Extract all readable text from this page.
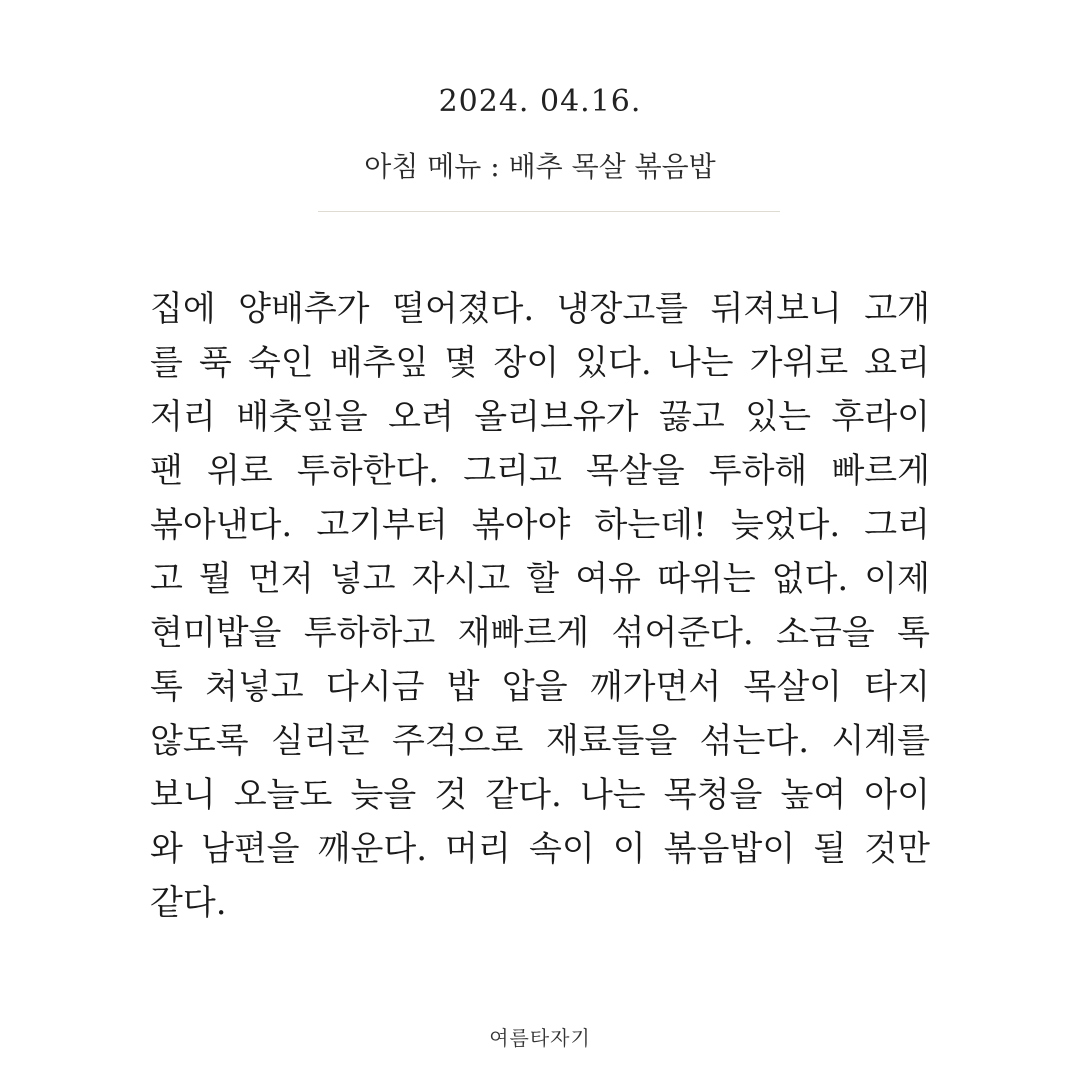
2024. 04.16.
아침 메뉴 : 배추 목살 볶음밥
집에 양배추가 떨어졌다. 냉장고를 뒤져보니 고개
를 푹 숙인 배추잎 몇 장이 있다. 나는 가위로 요리
저리 배춧잎을 오려 올리브유가 끓고 있는 후라이
팬 위로 투하한다. 그리고 목살을 투하해 빠르게
볶아낸다. 고기부터 볶아야 하는데! 늦었다. 그리
고 뭘 먼저 넣고 자시고 할 여유 따위는 없다. 이제
현미밥을 투하하고 재빠르게 섞어준다. 소금을 톡
톡 쳐넣고 다시금 밥 압을 깨가면서 목살이 타지
않도록 실리콘 주걱으로 재료들을 섞는다. 시계를
보니 오늘도 늦을 것 같다. 나는 목청을 높여 아이
와 남편을 깨운다. 머리 속이 이 볶음밥이 될 것만
같다.
여름타자기
